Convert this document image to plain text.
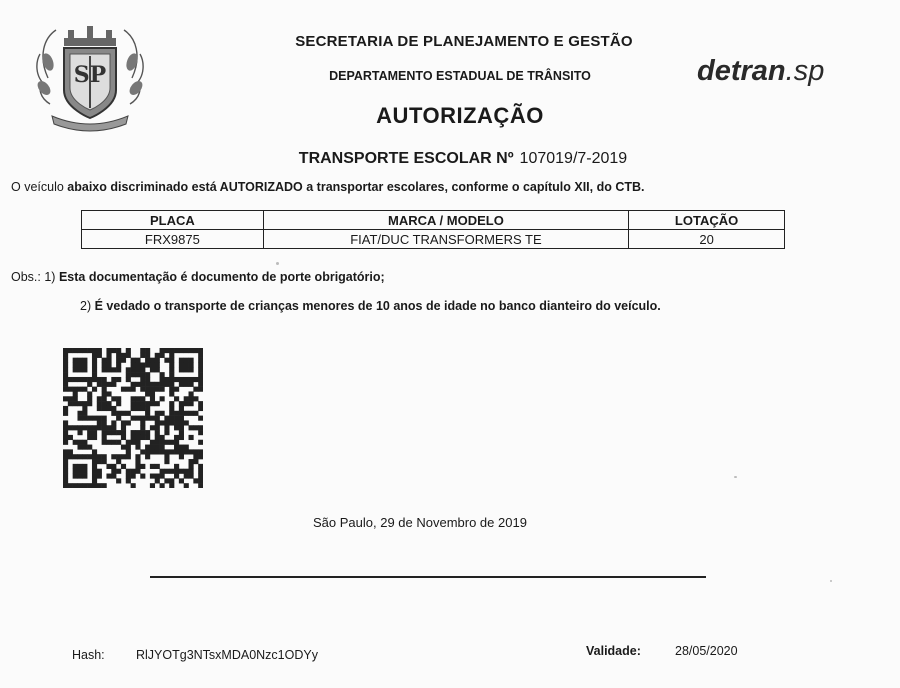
SP
SECRETARIA DE PLANEJAMENTO E GESTÃO
DEPARTAMENTO ESTADUAL DE TRÂNSITO
AUTORIZAÇÃO
detran.sp
TRANSPORTE ESCOLAR Nº 107019/7-2019
O veículo abaixo discriminado está AUTORIZADO a transportar escolares, conforme o capítulo XII, do CTB.
PLACA	MARCA / MODELO	LOTAÇÃO
FRX9875	FIAT/DUC TRANSFORMERS TE	20
Obs.: 1) Esta documentação é documento de porte obrigatório;
2) É vedado o transporte de crianças menores de 10 anos de idade no banco dianteiro do veículo.
São Paulo, 29 de Novembro de 2019
Hash:	RlJYOTg3NTsxMDA0Nzc1ODYy	Validade:	28/05/2020
